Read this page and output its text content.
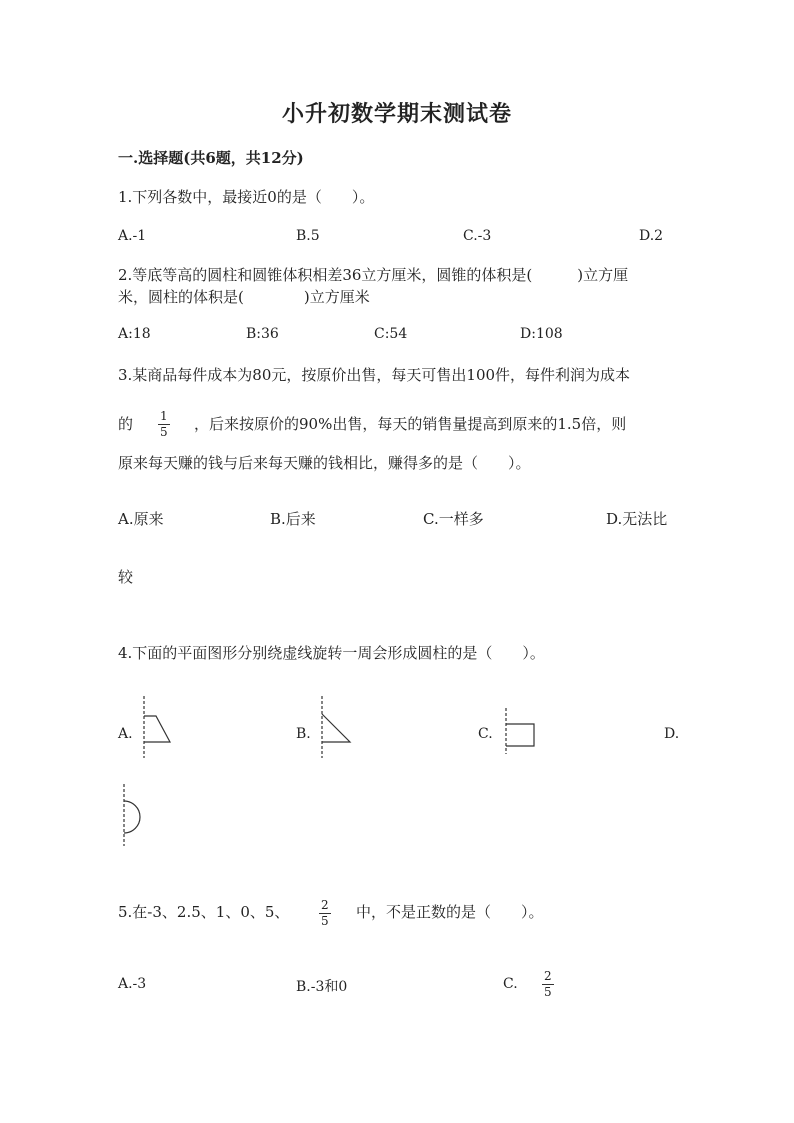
小升初数学期末测试卷
一.选择题(共6题，共12分)
1.下列各数中，最接近0的是（　　）。
A.-1	B.5	C.-3	D.2
2.等底等高的圆柱和圆锥体积相差36立方厘米，圆锥的体积是(　　　)立方厘
米，圆柱的体积是(　　　　)立方厘米
A:18	B:36	C:54	D:108
3.某商品每件成本为80元，按原价出售，每天可售出100件，每件利润为成本
的 $\frac{1}{5}$ ，后来按原价的90%出售，每天的销售量提高到原来的1.5倍，则
原来每天赚的钱与后来每天赚的钱相比，赚得多的是（　　）。
A.原来	B.后来	C.一样多	D.无法比
较
4.下面的平面图形分别绕虚线旋转一周会形成圆柱的是（　　）。
A.	B.	C.	D.
5.在-3、2.5、1、0、5、 $\frac{2}{5}$ 中，不是正数的是（　　）。
A.-3	B.-3和0	C. $\frac{2}{5}$
